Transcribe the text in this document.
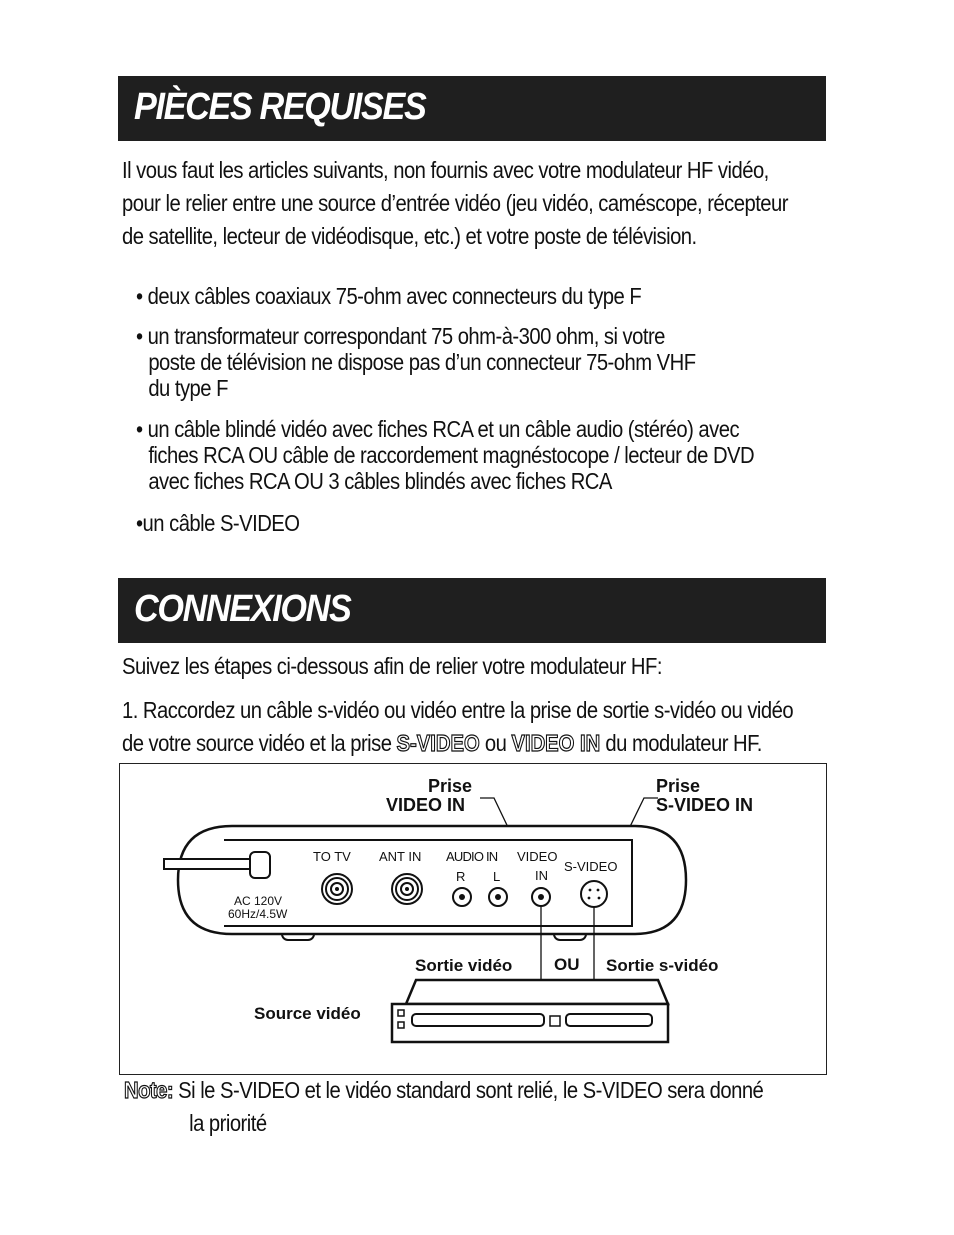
PIÈCES REQUISES
Il vous faut les articles suivants, non fournis avec votre modulateur HF vidéo,
pour le relier entre une source d’entrée vidéo (jeu vidéo, caméscope, récepteur
de satellite, lecteur de vidéodisque, etc.) et votre poste de télévision.
• deux câbles coaxiaux 75-ohm avec connecteurs du type F
• un transformateur correspondant 75 ohm-à-300 ohm, si votre
poste de télévision ne dispose pas d’un connecteur 75-ohm VHF
du type F
• un câble blindé vidéo avec fiches RCA et un câble audio (stéréo) avec
fiches RCA OU câble de raccordement magnéstocope / lecteur de DVD
avec fiches RCA OU 3 câbles blindés avec fiches RCA
•un câble S-VIDEO
CONNEXIONS
Suivez les étapes ci-dessous afin de relier votre modulateur HF:
1. Raccordez un câble s-vidéo ou vidéo entre la prise de sortie s-vidéo ou vidéo
de votre source vidéo et la prise S-VIDEO ou VIDEO IN du modulateur HF.
Prise
VIDEO IN
Prise
S-VIDEO IN
AC 120V
60Hz/4.5W
TO TV ANT IN AUDIO IN
R L
VIDEO
IN
S-VIDEO
Sortie vidéo OU Sortie s-vidéo
Source vidéo
Note: Si le S-VIDEO et le vidéo standard sont relié, le S-VIDEO sera donné
la priorité
